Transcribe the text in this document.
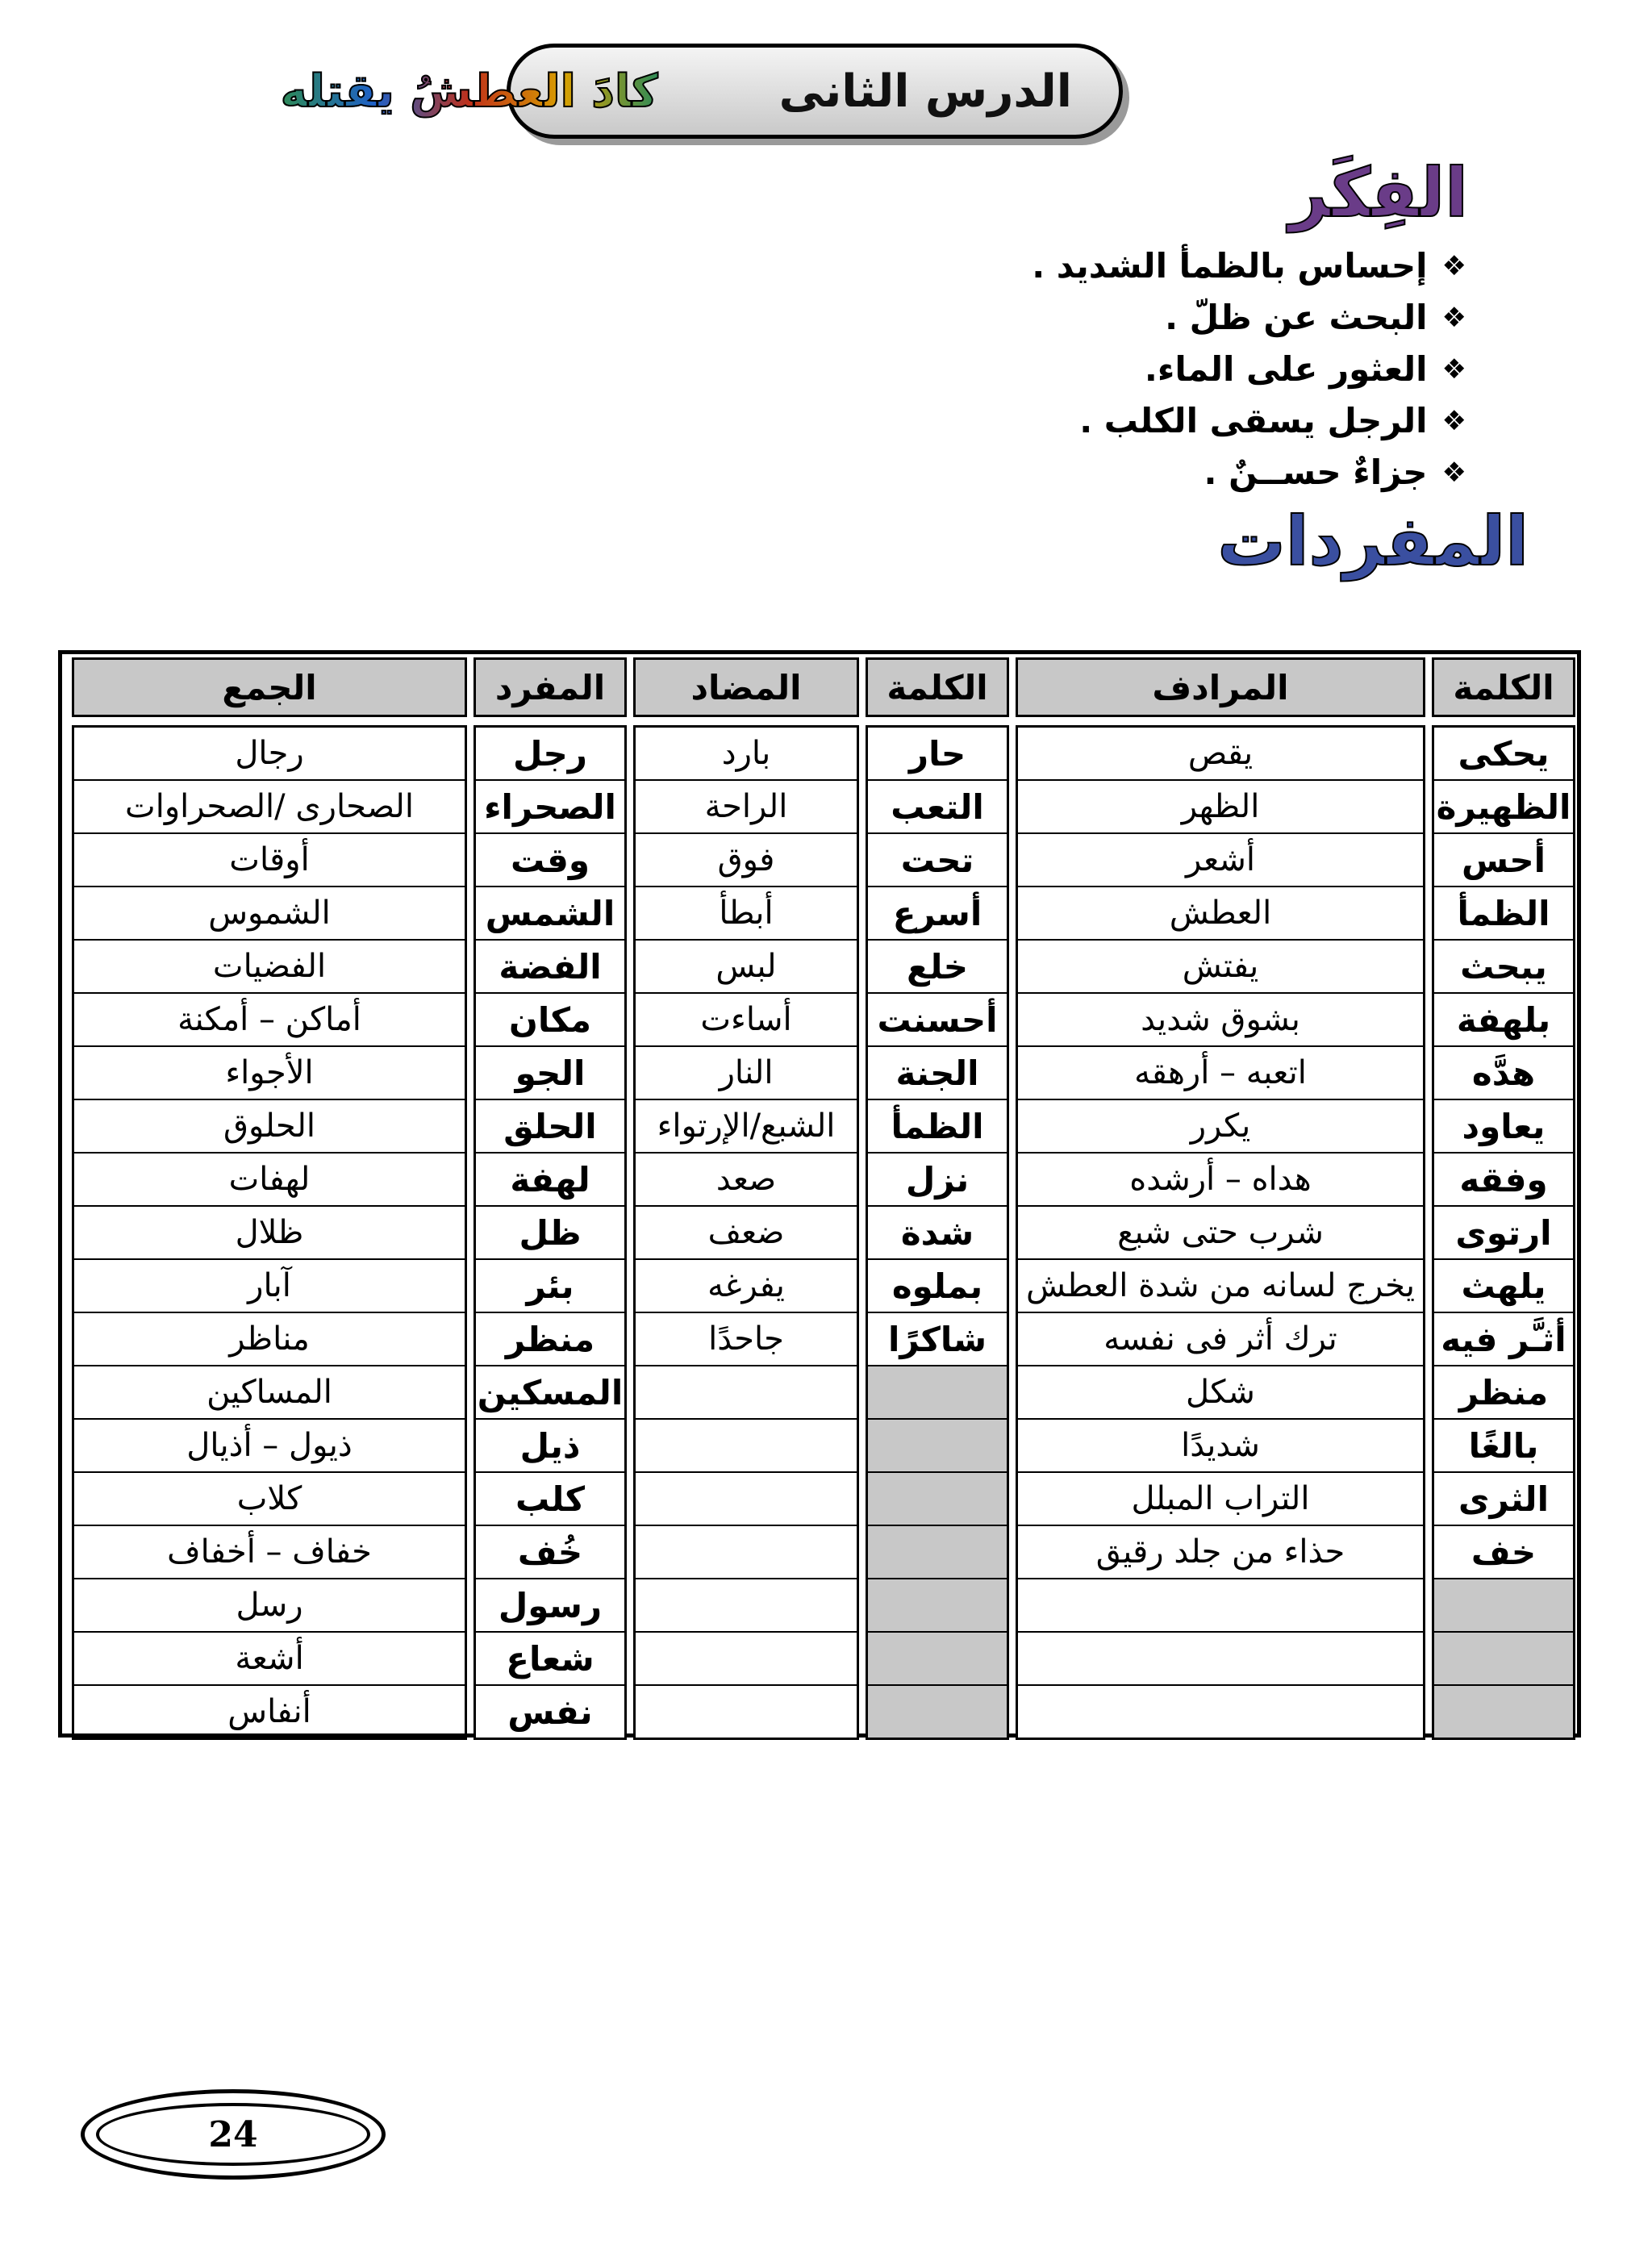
الدرس الثانى
كادَ العطشُ يقتله
الفِكَر
❖
إحساس بالظمأ الشديد .
❖
البحث عن ظلّ .
❖
العثور على الماء.
❖
الرجل يسقى الكلب .
❖
جزاءٌ حســنٌ .
المفردات
الكلمة	المرادف	الكلمة	المضاد	المفرد	الجمع

يحكى	يقص	حار	بارد	رجل	رجال
الظهيرة	الظهر	التعب	الراحة	الصحراء	الصحارى /الصحراوات
أحس	أشعر	تحت	فوق	وقت	أوقات
الظمأ	العطش	أسرع	أبطأ	الشمس	الشموس
يبحث	يفتش	خلع	لبس	الفضة	الفضيات
بلهفة	بشوق شديد	أحسنت	أساءت	مكان	أماكن – أمكنة
هدَّه	اتعبه – أرهقه	الجنة	النار	الجو	الأجواء
يعاود	يكرر	الظمأ	الشبع/الإرتواء	الحلق	الحلوق
وفقه	هداه – أرشده	نزل	صعد	لهفة	لهفات
ارتوى	شرب حتى شبع	شدة	ضعف	ظل	ظلال
يلهث	يخرج لسانه من شدة العطش	بملوه	يفرغه	بئر	آبار
أثـَّر فيه	ترك أثر فى نفسه	شاكرًا	جاحدًا	منظر	مناظر
منظر	شكل			المسكين	المساكين
بالغًا	شديدًا			ذيل	ذيول – أذيال
الثرى	التراب المبلل			كلب	كلاب
خف	حذاء من جلد رقيق			خُف	خفاف – أخفاف
				رسول	رسل
				شعاع	أشعة
				نفس	أنفاس
24
